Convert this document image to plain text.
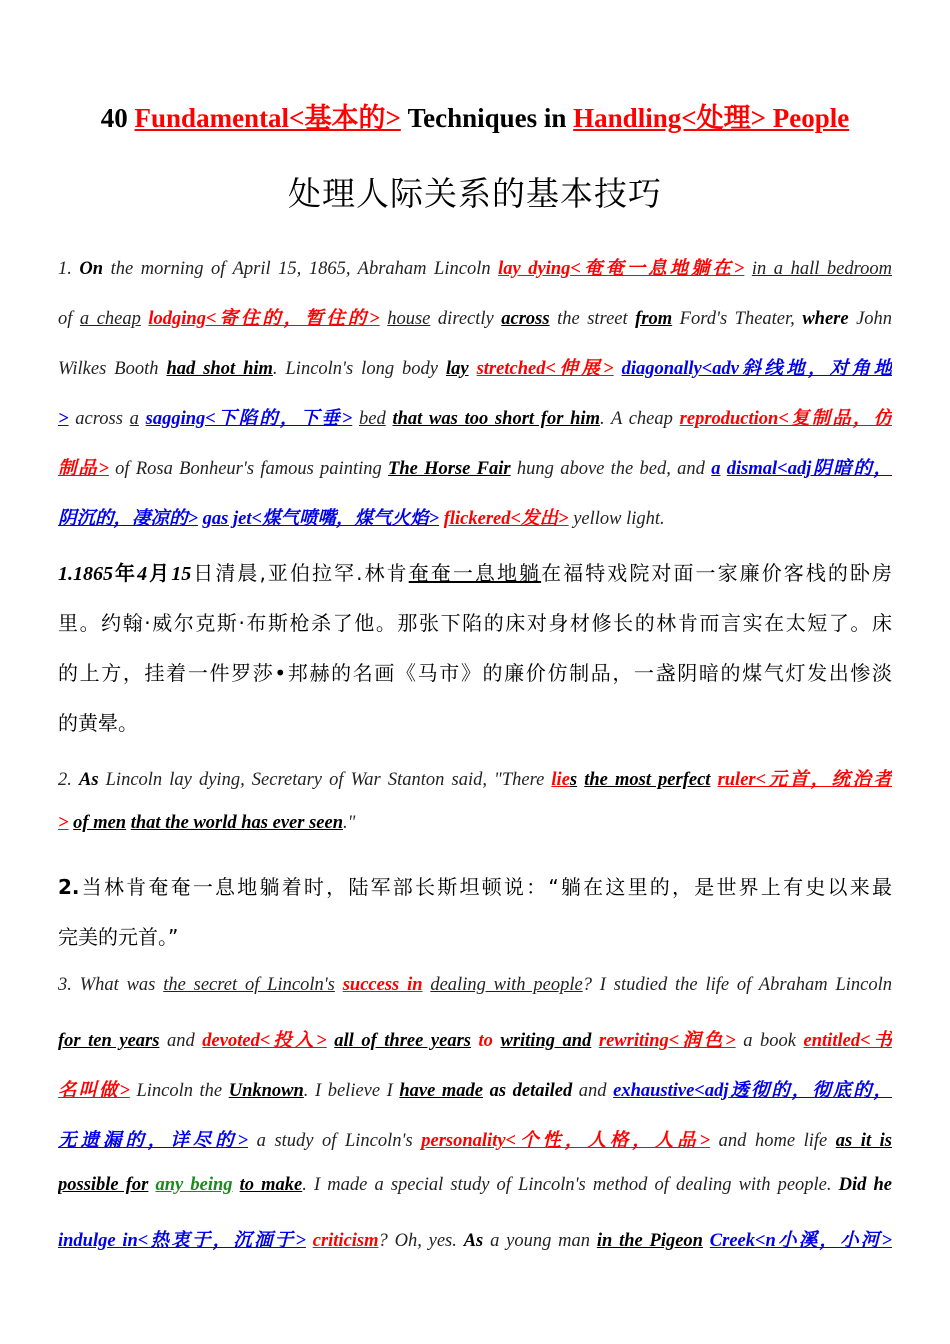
40 Fundamental<基本的> Techniques in Handling<处理> People
处理人际关系的基本技巧
1. On the morning of April 15, 1865, Abraham Lincoln lay dying<奄奄一息地躺在> in a hall bedroom
of a cheap lodging<寄住的，暂住的> house directly across the street from Ford's Theater, where John
Wilkes Booth had shot him. Lincoln's long body lay stretched<伸展> diagonally<adv斜线地，对角地
> across a sagging<下陷的，下垂> bed that was too short for him. A cheap reproduction<复制品，仿
制品> of Rosa Bonheur's famous painting The Horse Fair hung above the bed, and a dismal<adj阴暗的，
阴沉的，凄凉的> gas jet<煤气喷嘴，煤气火焰> flickered<发出> yellow light.
1.1865年4月15日清晨,亚伯拉罕.林肯奄奄一息地躺在福特戏院对面一家廉价客栈的卧房
里。约翰·威尔克斯·布斯枪杀了他。那张下陷的床对身材修长的林肯而言实在太短了。床
的上方，挂着一件罗莎•邦赫的名画《马市》的廉价仿制品，一盏阴暗的煤气灯发出惨淡
的黄晕。
2. As Lincoln lay dying, Secretary of War Stanton said, "There lies the most perfect ruler<元首，统治者
> of men that the world has ever seen."
2.当林肯奄奄一息地躺着时，陆军部长斯坦顿说：“躺在这里的，是世界上有史以来最
完美的元首。”
3. What was the secret of Lincoln's success in dealing with people? I studied the life of Abraham Lincoln
for ten years and devoted<投入> all of three years to writing and rewriting<润色> a book entitled<书
名叫做> Lincoln the Unknown. I believe I have made as detailed and exhaustive<adj透彻的，彻底的，
无遗漏的，详尽的> a study of Lincoln's personality<个性，人格，人品> and home life as it is
possible for any being to make. I made a special study of Lincoln's method of dealing with people. Did he
indulge in<热衷于，沉湎于> criticism? Oh, yes. As a young man in the Pigeon Creek<n小溪，小河>
